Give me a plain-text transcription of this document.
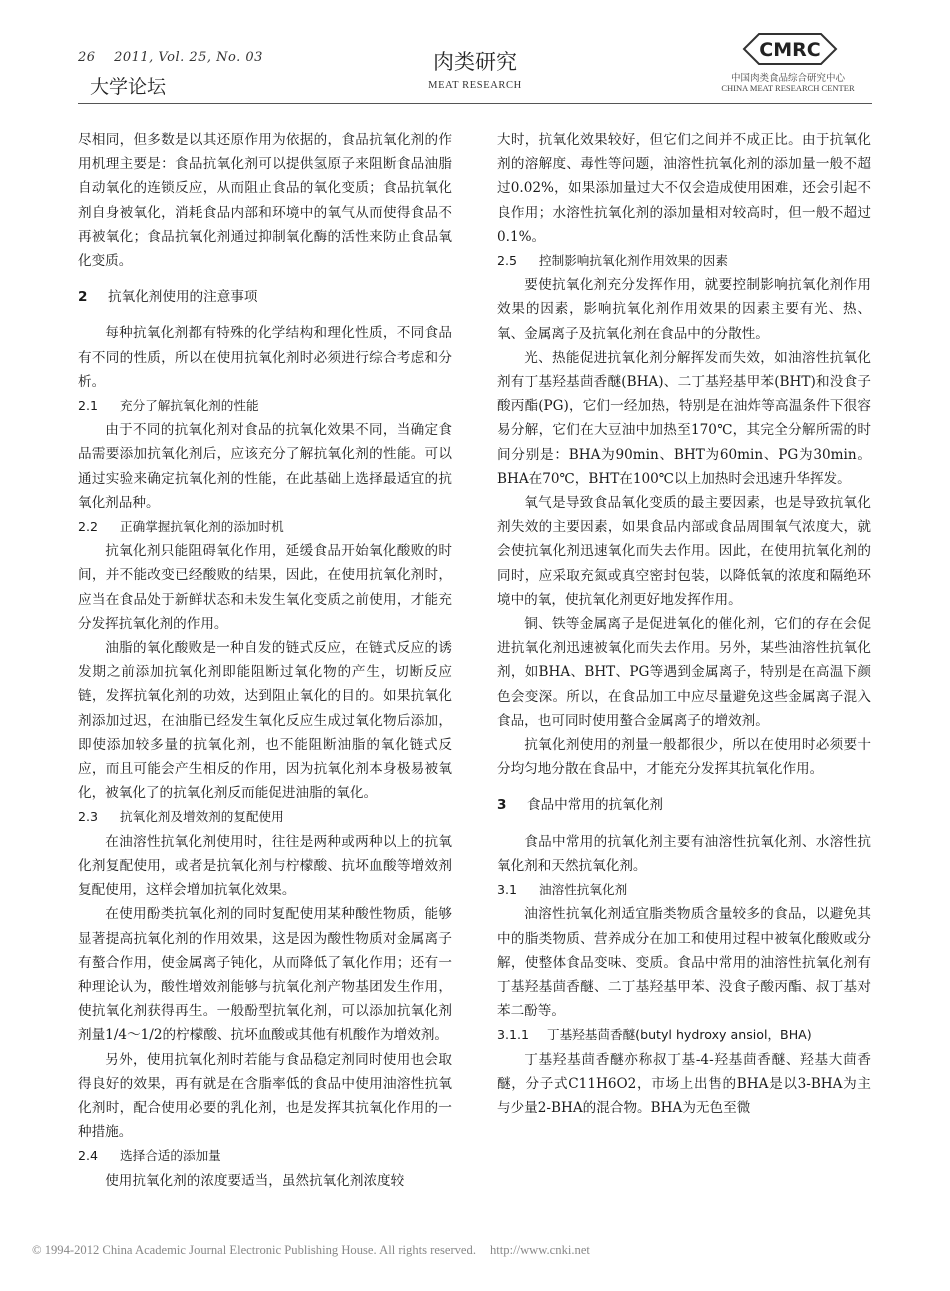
26    2011, Vol. 25, No. 03
大学论坛
肉类研究
MEAT RESEARCH
CMRC
中国肉类食品综合研究中心
CHINA MEAT RESEARCH CENTER

尽相同，但多数是以其还原作用为依据的，食品抗氧化剂的作用机理主要是：食品抗氧化剂可以提供氢原子来阻断食品油脂自动氧化的连锁反应，从而阻止食品的氧化变质；食品抗氧化剂自身被氧化，消耗食品内部和环境中的氧气从而使得食品不再被氧化；食品抗氧化剂通过抑制氧化酶的活性来防止食品氧化变质。

2 抗氧化剂使用的注意事项

每种抗氧化剂都有特殊的化学结构和理化性质，不同食品有不同的性质，所以在使用抗氧化剂时必须进行综合考虑和分析。

2.1 充分了解抗氧化剂的性能

由于不同的抗氧化剂对食品的抗氧化效果不同，当确定食品需要添加抗氧化剂后，应该充分了解抗氧化剂的性能。可以通过实验来确定抗氧化剂的性能，在此基础上选择最适宜的抗氧化剂品种。

2.2 正确掌握抗氧化剂的添加时机

抗氧化剂只能阻碍氧化作用，延缓食品开始氧化酸败的时间，并不能改变已经酸败的结果，因此，在使用抗氧化剂时，应当在食品处于新鲜状态和未发生氧化变质之前使用，才能充分发挥抗氧化剂的作用。

油脂的氧化酸败是一种自发的链式反应，在链式反应的诱发期之前添加抗氧化剂即能阻断过氧化物的产生，切断反应链，发挥抗氧化剂的功效，达到阻止氧化的目的。如果抗氧化剂添加过迟，在油脂已经发生氧化反应生成过氧化物后添加，即使添加较多量的抗氧化剂，也不能阻断油脂的氧化链式反应，而且可能会产生相反的作用，因为抗氧化剂本身极易被氧化，被氧化了的抗氧化剂反而能促进油脂的氧化。

2.3 抗氧化剂及增效剂的复配使用

在油溶性抗氧化剂使用时，往往是两种或两种以上的抗氧化剂复配使用，或者是抗氧化剂与柠檬酸、抗坏血酸等增效剂复配使用，这样会增加抗氧化效果。

在使用酚类抗氧化剂的同时复配使用某种酸性物质，能够显著提高抗氧化剂的作用效果，这是因为酸性物质对金属离子有螯合作用，使金属离子钝化，从而降低了氧化作用；还有一种理论认为，酸性增效剂能够与抗氧化剂产物基团发生作用，使抗氧化剂获得再生。一般酚型抗氧化剂，可以添加抗氧化剂剂量1/4～1/2的柠檬酸、抗坏血酸或其他有机酸作为增效剂。

另外，使用抗氧化剂时若能与食品稳定剂同时使用也会取得良好的效果，再有就是在含脂率低的食品中使用油溶性抗氧化剂时，配合使用必要的乳化剂，也是发挥其抗氧化作用的一种措施。

2.4 选择合适的添加量

使用抗氧化剂的浓度要适当，虽然抗氧化剂浓度较

大时，抗氧化效果较好，但它们之间并不成正比。由于抗氧化剂的溶解度、毒性等问题，油溶性抗氧化剂的添加量一般不超过0.02%，如果添加量过大不仅会造成使用困难，还会引起不良作用；水溶性抗氧化剂的添加量相对较高时，但一般不超过0.1%。

2.5 控制影响抗氧化剂作用效果的因素

要使抗氧化剂充分发挥作用，就要控制影响抗氧化剂作用效果的因素，影响抗氧化剂作用效果的因素主要有光、热、氧、金属离子及抗氧化剂在食品中的分散性。

光、热能促进抗氧化剂分解挥发而失效，如油溶性抗氧化剂有丁基羟基茴香醚(BHA)、二丁基羟基甲苯(BHT)和没食子酸丙酯(PG)，它们一经加热，特别是在油炸等高温条件下很容易分解，它们在大豆油中加热至170℃，其完全分解所需的时间分别是：BHA为90min、BHT为60min、PG为30min。BHA在70℃，BHT在100℃以上加热时会迅速升华挥发。

氧气是导致食品氧化变质的最主要因素，也是导致抗氧化剂失效的主要因素，如果食品内部或食品周围氧气浓度大，就会使抗氧化剂迅速氧化而失去作用。因此，在使用抗氧化剂的同时，应采取充氮或真空密封包装，以降低氧的浓度和隔绝环境中的氧，使抗氧化剂更好地发挥作用。

铜、铁等金属离子是促进氧化的催化剂，它们的存在会促进抗氧化剂迅速被氧化而失去作用。另外，某些油溶性抗氧化剂，如BHA、BHT、PG等遇到金属离子，特别是在高温下颜色会变深。所以，在食品加工中应尽量避免这些金属离子混入食品，也可同时使用螯合金属离子的增效剂。

抗氧化剂使用的剂量一般都很少，所以在使用时必须要十分均匀地分散在食品中，才能充分发挥其抗氧化作用。

3 食品中常用的抗氧化剂

食品中常用的抗氧化剂主要有油溶性抗氧化剂、水溶性抗氧化剂和天然抗氧化剂。

3.1 油溶性抗氧化剂

油溶性抗氧化剂适宜脂类物质含量较多的食品，以避免其中的脂类物质、营养成分在加工和使用过程中被氧化酸败或分解，使整体食品变味、变质。食品中常用的油溶性抗氧化剂有丁基羟基茴香醚、二丁基羟基甲苯、没食子酸丙酯、叔丁基对苯二酚等。

3.1.1 丁基羟基茴香醚(butyl hydroxy ansiol，BHA)

丁基羟基茴香醚亦称叔丁基-4-羟基茴香醚、羟基大茴香醚，分子式C11H6O2，市场上出售的BHA是以3-BHA为主与少量2-BHA的混合物。BHA为无色至微

© 1994-2012 China Academic Journal Electronic Publishing House. All rights reserved. http://www.cnki.net
